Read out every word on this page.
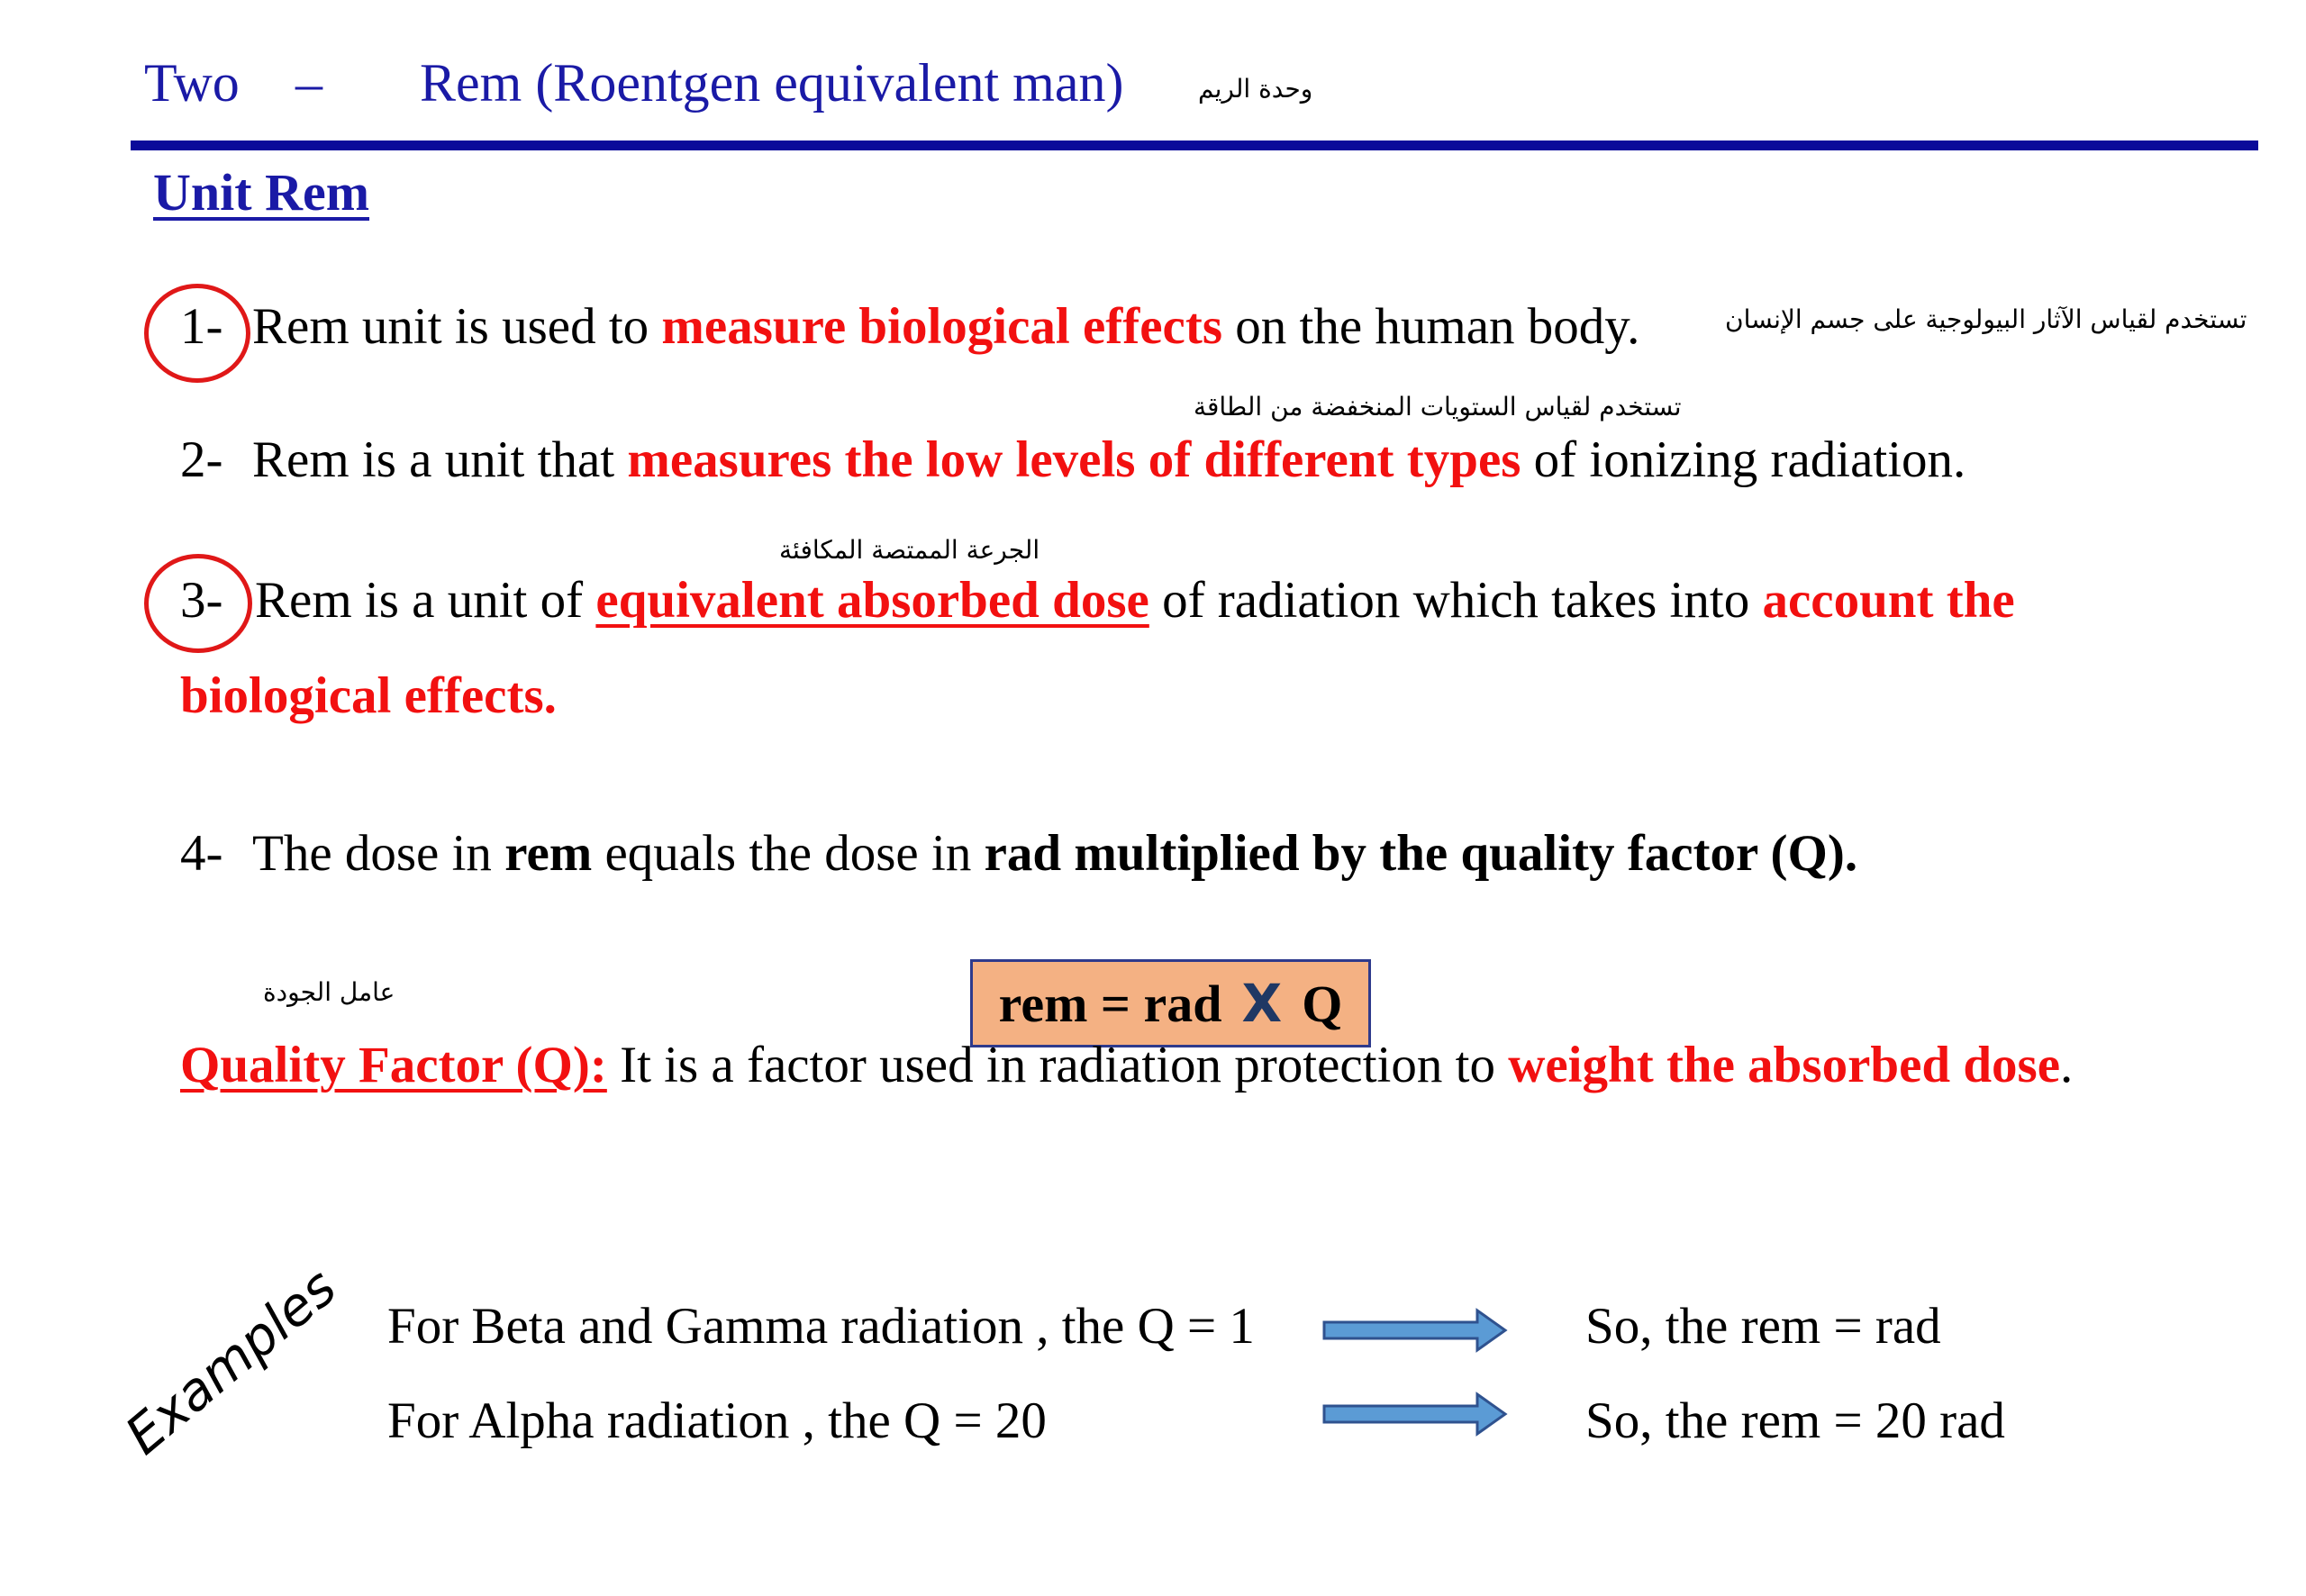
Two – Rem (Roentgen equivalent man)	وحدة الريم
Unit Rem
1- Rem unit is used to measure biological effects on the human body.	تستخدم لقياس الآثار البيولوجية على جسم الإنسان
تستخدم لقياس الستويات المنخفضة من الطاقة
2- Rem is a unit that measures the low levels of different types of ionizing radiation.
الجرعة الممتصة المكافئة
3- Rem is a unit of equivalent absorbed dose of radiation which takes into account the
biological effects.
4- The dose in rem equals the dose in rad multiplied by the quality factor (Q).
عامل الجودة	rem = rad X Q
Quality Factor (Q): It is a factor used in radiation protection to weight the absorbed dose.
Examples For Beta and Gamma radiation , the Q = 1	So, the rem = rad
For Alpha radiation , the Q = 20	So, the rem = 20 rad
